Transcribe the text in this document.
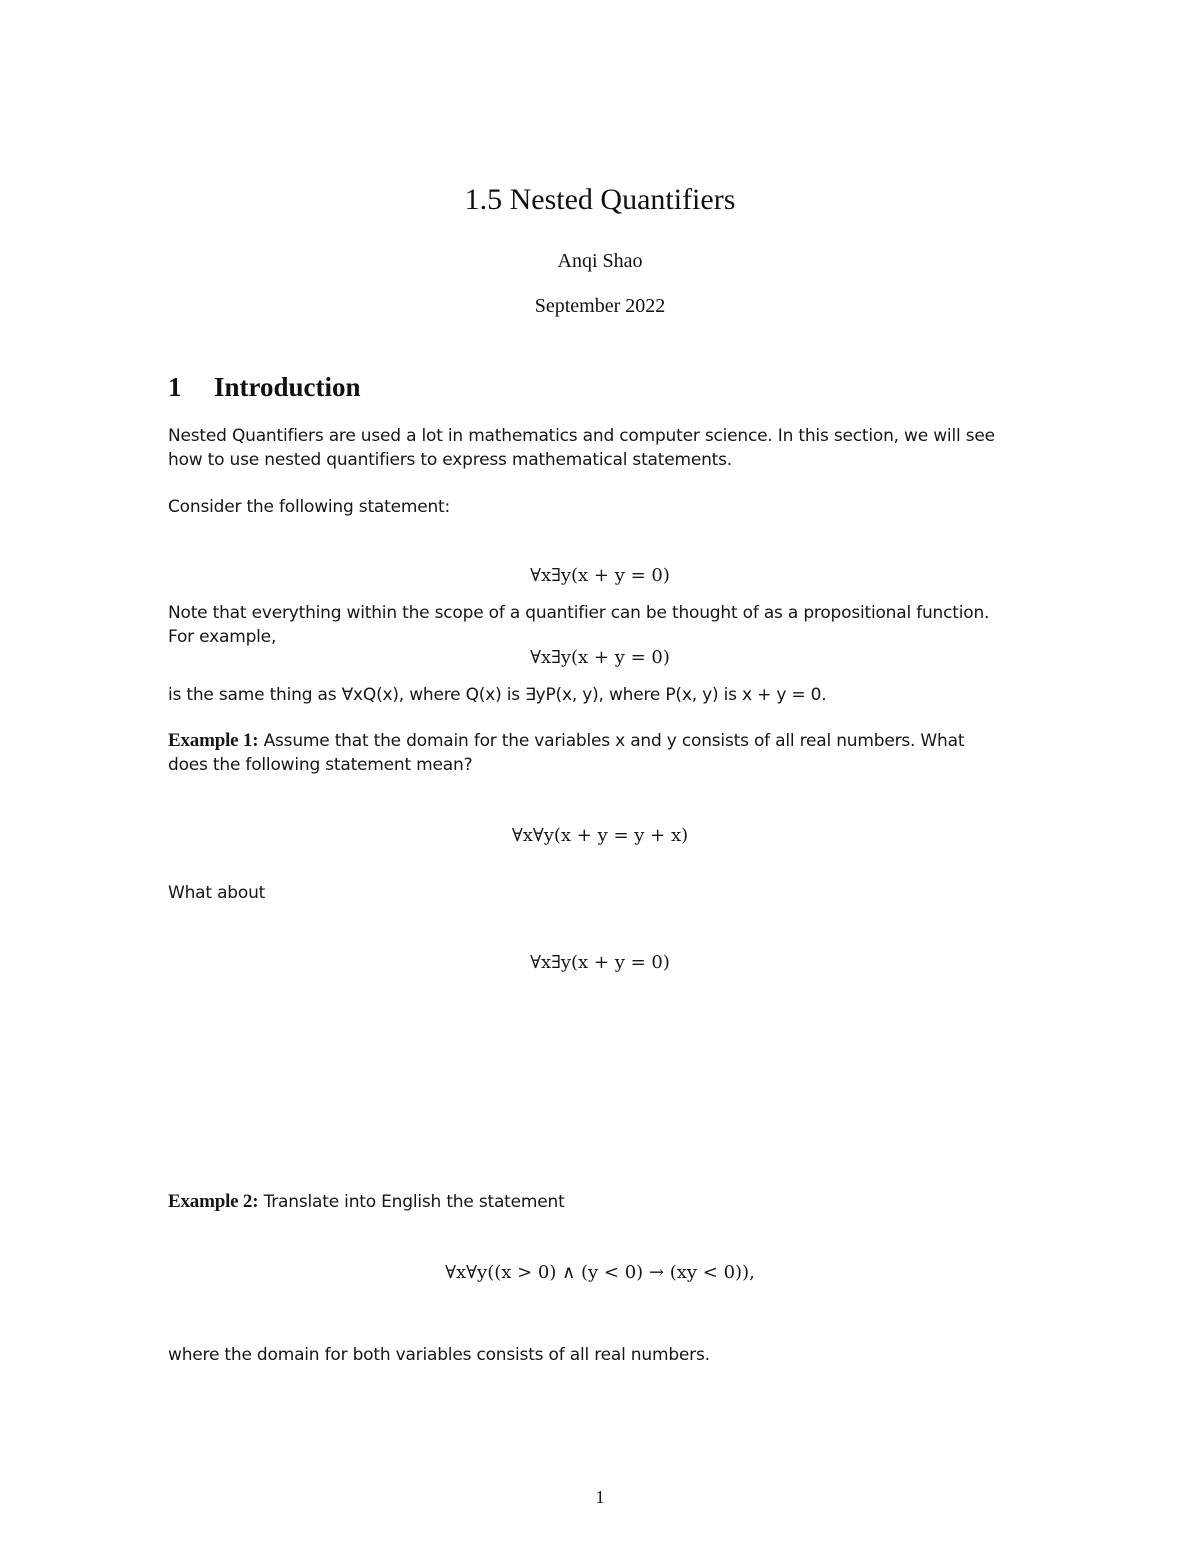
1.5 Nested Quantifiers
Anqi Shao
September 2022
1 Introduction
Nested Quantifiers are used a lot in mathematics and computer science. In this section, we will see
how to use nested quantifiers to express mathematical statements.
Consider the following statement:
∀x∃y(x + y = 0)
Note that everything within the scope of a quantifier can be thought of as a propositional function.
For example,
∀x∃y(x + y = 0)
is the same thing as ∀xQ(x), where Q(x) is ∃yP(x, y), where P(x, y) is x + y = 0.
Example 1: Assume that the domain for the variables x and y consists of all real numbers. What
does the following statement mean?
∀x∀y(x + y = y + x)
What about
∀x∃y(x + y = 0)
Example 2: Translate into English the statement
∀x∀y((x > 0) ∧ (y < 0) → (xy < 0)),
where the domain for both variables consists of all real numbers.
1
